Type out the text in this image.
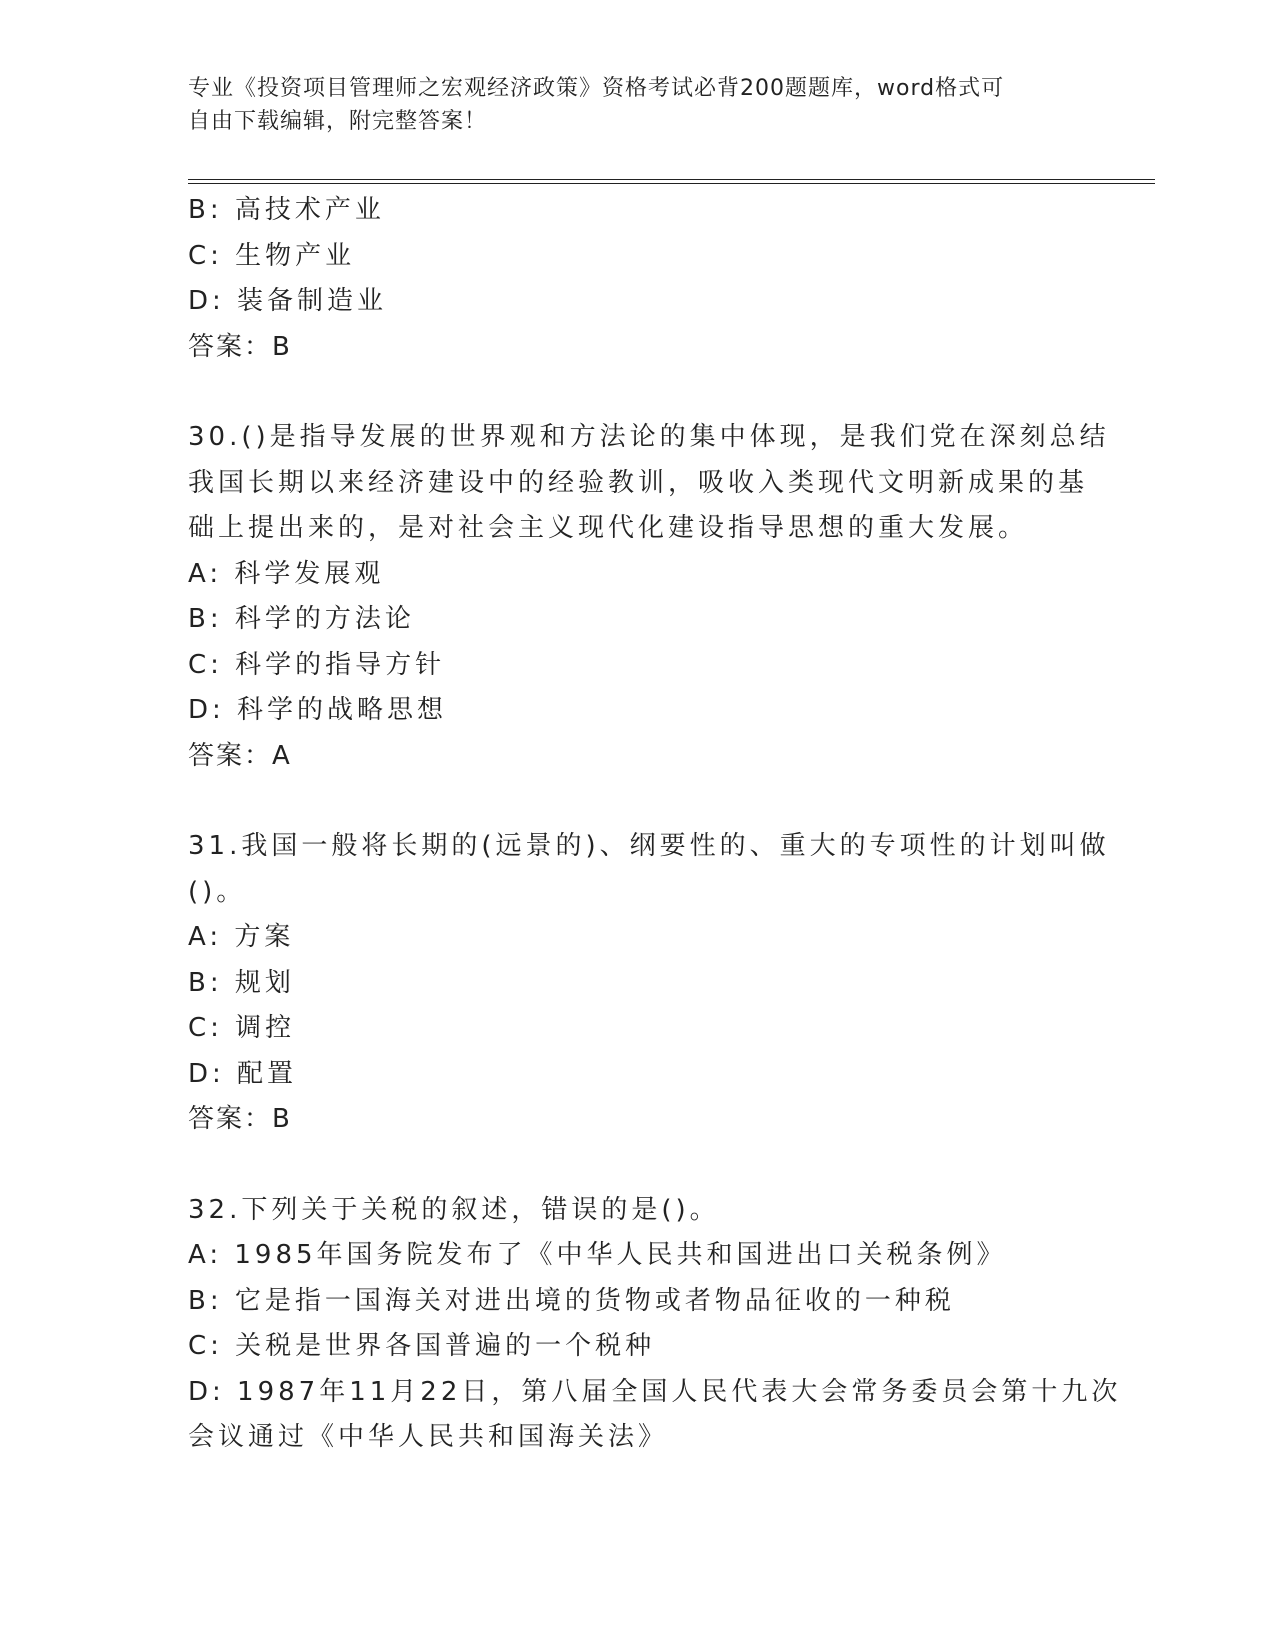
专业《投资项目管理师之宏观经济政策》资格考试必背200题题库，word格式可
自由下载编辑，附完整答案！
B: 高技术产业
C: 生物产业
D: 装备制造业
答案：B
30.()是指导发展的世界观和方法论的集中体现，是我们党在深刻总结
我国长期以来经济建设中的经验教训，吸收入类现代文明新成果的基
础上提出来的，是对社会主义现代化建设指导思想的重大发展。
A: 科学发展观
B: 科学的方法论
C: 科学的指导方针
D: 科学的战略思想
答案：A
31.我国一般将长期的(远景的)、纲要性的、重大的专项性的计划叫做
()。
A: 方案
B: 规划
C: 调控
D: 配置
答案：B
32.下列关于关税的叙述，错误的是()。
A: 1985年国务院发布了《中华人民共和国进出口关税条例》
B: 它是指一国海关对进出境的货物或者物品征收的一种税
C: 关税是世界各国普遍的一个税种
D: 1987年11月22日，第八届全国人民代表大会常务委员会第十九次
会议通过《中华人民共和国海关法》
